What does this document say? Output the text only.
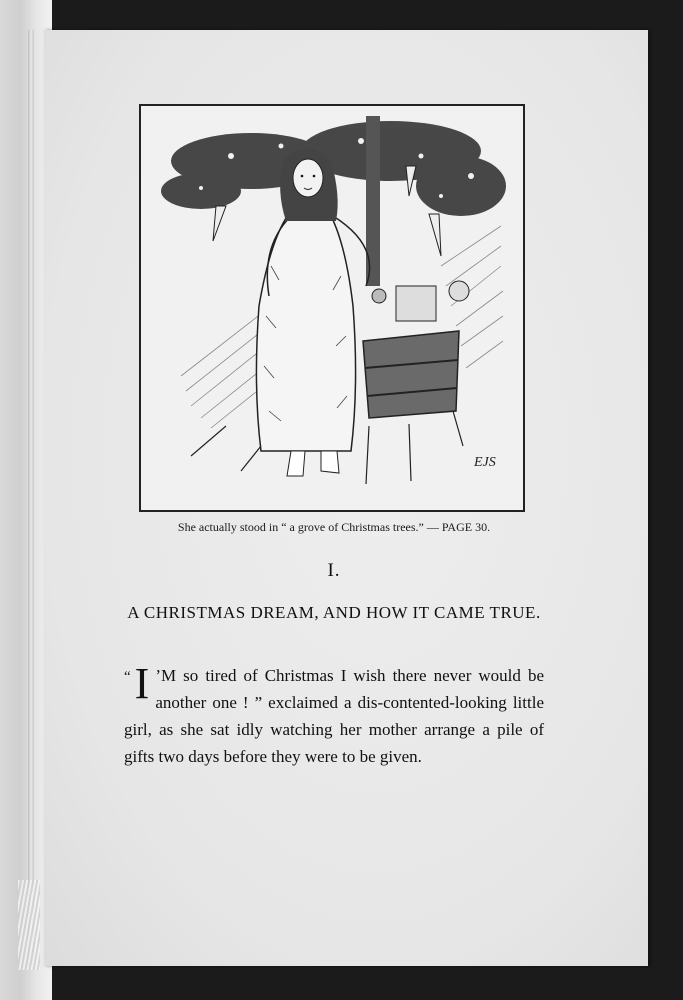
EJS
She actually stood in “ a grove of Christmas trees.” — PAGE 30.
I.
A CHRISTMAS DREAM, AND HOW IT CAME TRUE.
“ I ’M so tired of Christmas I wish there never would be another one ! ” exclaimed a dis-contented-looking little girl, as she sat idly watching her mother arrange a pile of gifts two days before they were to be given.
